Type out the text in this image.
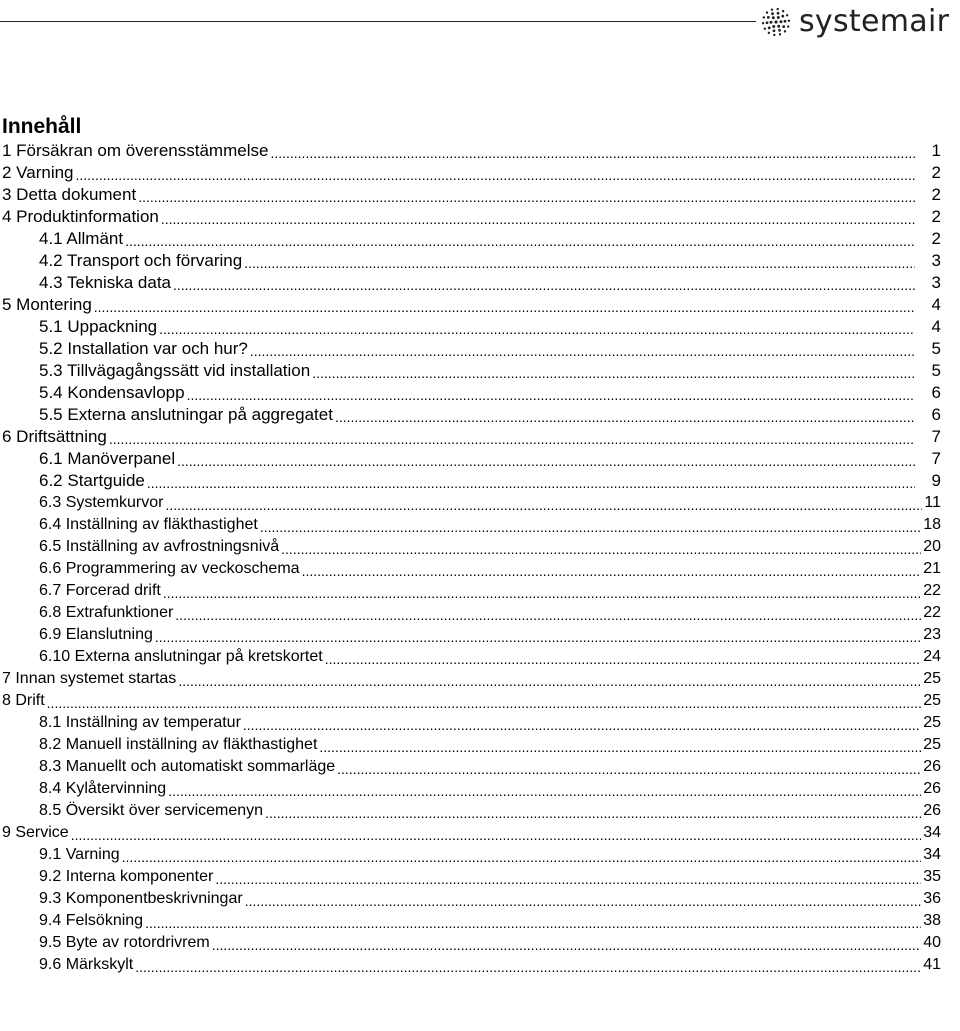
systemair
Innehåll
1 Försäkran om överensstämmelse .....	1
2 Varning .....	2
3 Detta dokument .....	2
4 Produktinformation .....	2
4.1 Allmänt .....	2
4.2 Transport och förvaring .....	3
4.3 Tekniska data .....	3
5 Montering .....	4
5.1 Uppackning .....	4
5.2 Installation var och hur? .....	5
5.3 Tillvägagångssätt vid installation .....	5
5.4 Kondensavlopp .....	6
5.5 Externa anslutningar på aggregatet .....	6
6 Driftsättning .....	7
6.1 Manöverpanel .....	7
6.2 Startguide .....	9
6.3 Systemkurvor .....	11
6.4 Inställning av fläkthastighet .....	18
6.5 Inställning av avfrostningsnivå .....	20
6.6 Programmering av veckoschema .....	21
6.7 Forcerad drift .....	22
6.8 Extrafunktioner .....	22
6.9 Elanslutning .....	23
6.10 Externa anslutningar på kretskortet .....	24
7 Innan systemet startas .....	25
8 Drift .....	25
8.1 Inställning av temperatur .....	25
8.2 Manuell inställning av fläkthastighet .....	25
8.3 Manuellt och automatiskt sommarläge .....	26
8.4 Kylåtervinning .....	26
8.5 Översikt över servicemenyn .....	26
9 Service .....	34
9.1 Varning .....	34
9.2 Interna komponenter .....	35
9.3 Komponentbeskrivningar .....	36
9.4 Felsökning .....	38
9.5 Byte av rotordrivrem .....	40
9.6 Märkskylt .....	41
